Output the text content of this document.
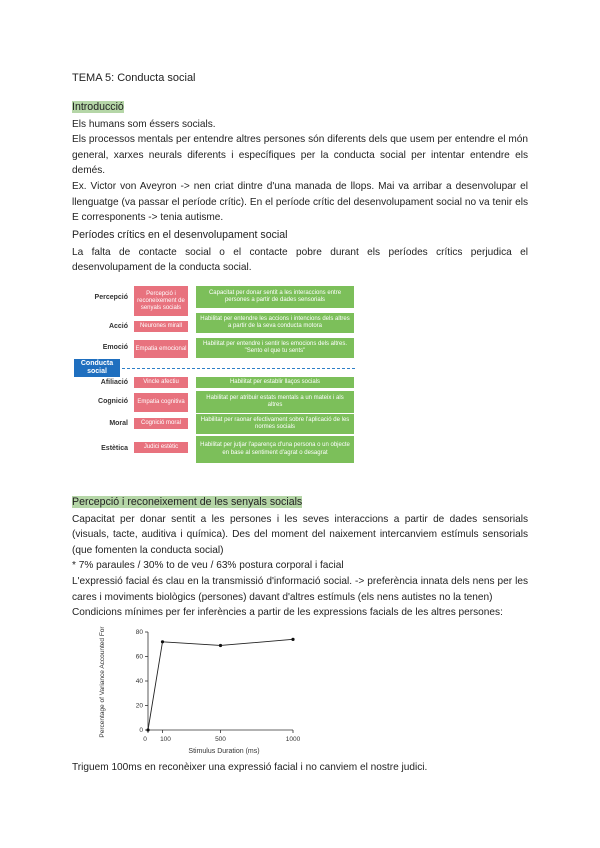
TEMA 5: Conducta social
Introducció
Els humans som éssers socials.
Els processos mentals per entendre altres persones són diferents dels que usem per entendre el món general, xarxes neurals diferents i específiques per la conducta social per intentar entendre els demés.
Ex. Victor von Aveyron -> nen criat dintre d'una manada de llops. Mai va arribar a desenvolupar el llenguatge (va passar el període crític). En el període crític del desenvolupament social no va tenir els E corresponents -> tenia autisme.
Períodes crítics en el desenvolupament social
La falta de contacte social o el contacte pobre durant els períodes crítics perjudica el desenvolupament de la conducta social.
Percepció
Acció
Emoció
Afiliació
Cognició
Moral
Estètica
Percepció i reconeixement de senyals socials
Neurones mirall
Empatia emocional
Vincle afectiu
Empatia cognitiva
Cognició moral
Judici estètic
Capacitat per donar sentit a les interaccions entre persones a partir de dades sensorials
Habilitat per entendre les accions i intencions dels altres a partir de la seva conducta motora
Habilitat per entendre i sentir les emocions dels altres. "Sento el que tu sents"
Habilitat per establir llaços socials
Habilitat per atribuir estats mentals a un mateix i als altres
Habilitat per raonar efectivament sobre l'aplicació de les normes socials
Habilitat per jutjar l'aparença d'una persona o un objecte en base al sentiment d'agrat o desagrat
Conducta social
Percepció i reconeixement de les senyals socials
Capacitat per donar sentit a les persones i les seves interaccions a partir de dades sensorials (visuals, tacte, auditiva i química). Des del moment del naixement intercanviem estímuls sensorials (que fomenten la conducta social)
* 7% paraules / 30% to de veu / 63% postura corporal i facial
L'expressió facial és clau en la transmissió d'informació social. -> preferència innata dels nens per les cares i moviments biològics (persones) davant d'altres estímuls (els nens autistes no la tenen)
Condicions mínimes per fer inferències a partir de les expressions facials de les altres persones:
0
20
40
60
80
0 100	500	1000
Stimulus Duration (ms)
Percentage of Variance Accounted For
Triguem 100ms en reconèixer una expressió facial i no canviem el nostre judici.
